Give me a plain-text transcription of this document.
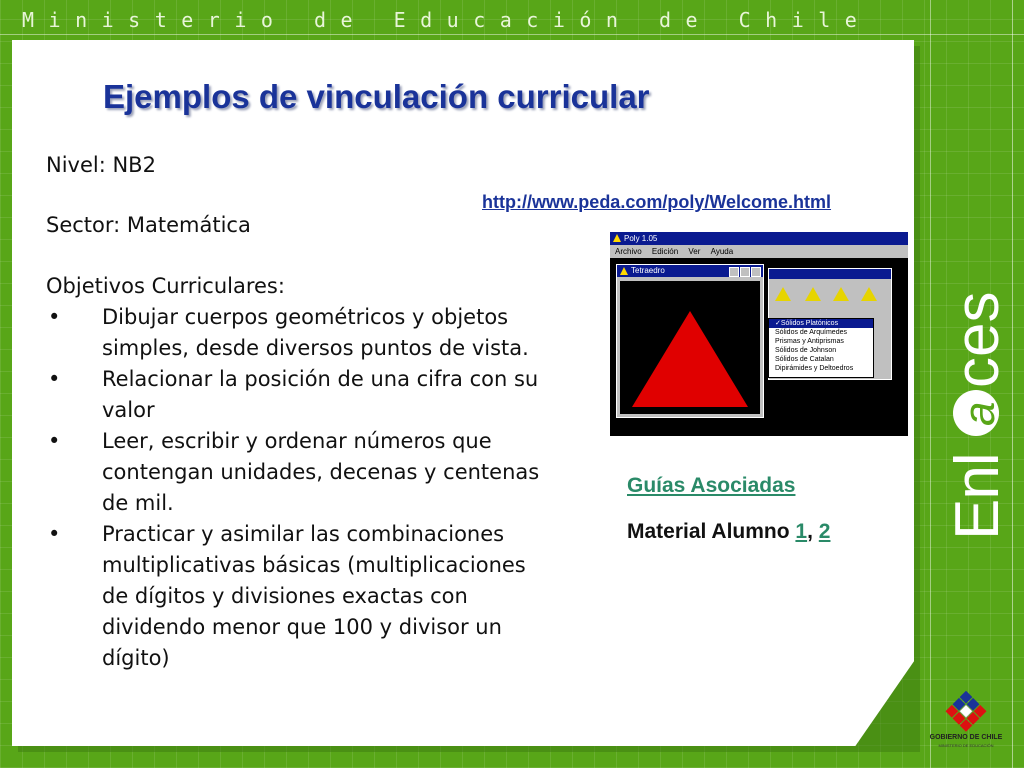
Ministerio de Educación de Chile
Ejemplos de vinculación curricular
Nivel: NB2
Sector: Matemática
Objetivos Curriculares:
• Dibujar cuerpos geométricos y objetos
simples, desde diversos puntos de vista.
• Relacionar la posición de una cifra con su
valor
• Leer, escribir y ordenar números que
contengan unidades, decenas y centenas
de mil.
• Practicar y asimilar las combinaciones
multiplicativas básicas (multiplicaciones
de dígitos y divisiones exactas con
dividendo menor que 100 y divisor un
dígito)
http://www.peda.com/poly/Welcome.html
Poly 1.05
Archivo Edición Ver Ayuda
Tetraedro
✓Sólidos Platónicos
Sólidos de Arquímedes
Prismas y Antiprismas
Sólidos de Johnson
Sólidos de Catalan
Dipirámides y Deltoedros
Guías Asociadas
Material Alumno 1, 2 Enl
a
ces
GOBIERNO DE CHILE
MINISTERIO DE EDUCACIÓN
